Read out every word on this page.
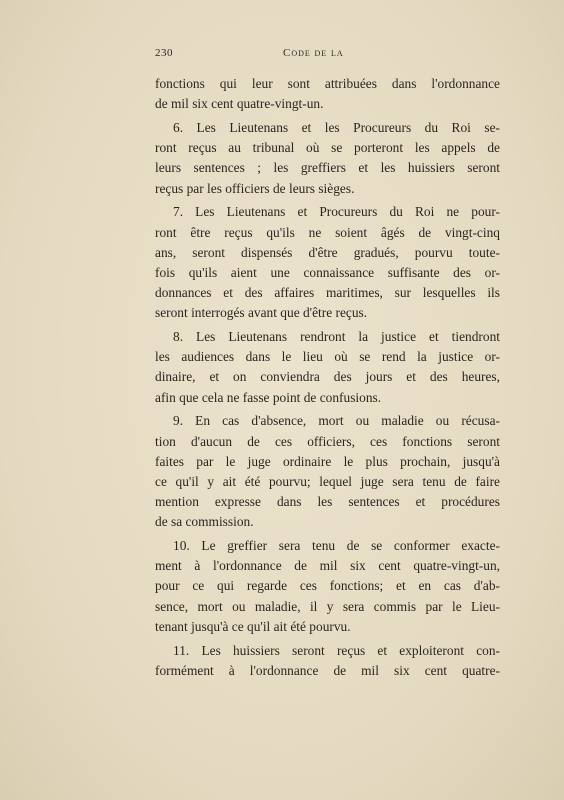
230	Code de la
fonctions qui leur sont attribuées dans l'ordonnance
de mil six cent quatre-vingt-un.
6. Les Lieutenans et les Procureurs du Roi se-
ront reçus au tribunal où se porteront les appels de
leurs sentences ; les greffiers et les huissiers seront
reçus par les officiers de leurs sièges.
7. Les Lieutenans et Procureurs du Roi ne pour-
ront être reçus qu'ils ne soient âgés de vingt-cinq
ans, seront dispensés d'être gradués, pourvu toute-
fois qu'ils aient une connaissance suffisante des or-
donnances et des affaires maritimes, sur lesquelles ils
seront interrogés avant que d'être reçus.
8. Les Lieutenans rendront la justice et tiendront
les audiences dans le lieu où se rend la justice or-
dinaire, et on conviendra des jours et des heures,
afin que cela ne fasse point de confusions.
9. En cas d'absence, mort ou maladie ou récusa-
tion d'aucun de ces officiers, ces fonctions seront
faites par le juge ordinaire le plus prochain, jusqu'à
ce qu'il y ait été pourvu; lequel juge sera tenu de faire
mention expresse dans les sentences et procédures
de sa commission.
10. Le greffier sera tenu de se conformer exacte-
ment à l'ordonnance de mil six cent quatre-vingt-un,
pour ce qui regarde ces fonctions; et en cas d'ab-
sence, mort ou maladie, il y sera commis par le Lieu-
tenant jusqu'à ce qu'il ait été pourvu.
11. Les huissiers seront reçus et exploiteront con-
formément à l'ordonnance de mil six cent quatre-
